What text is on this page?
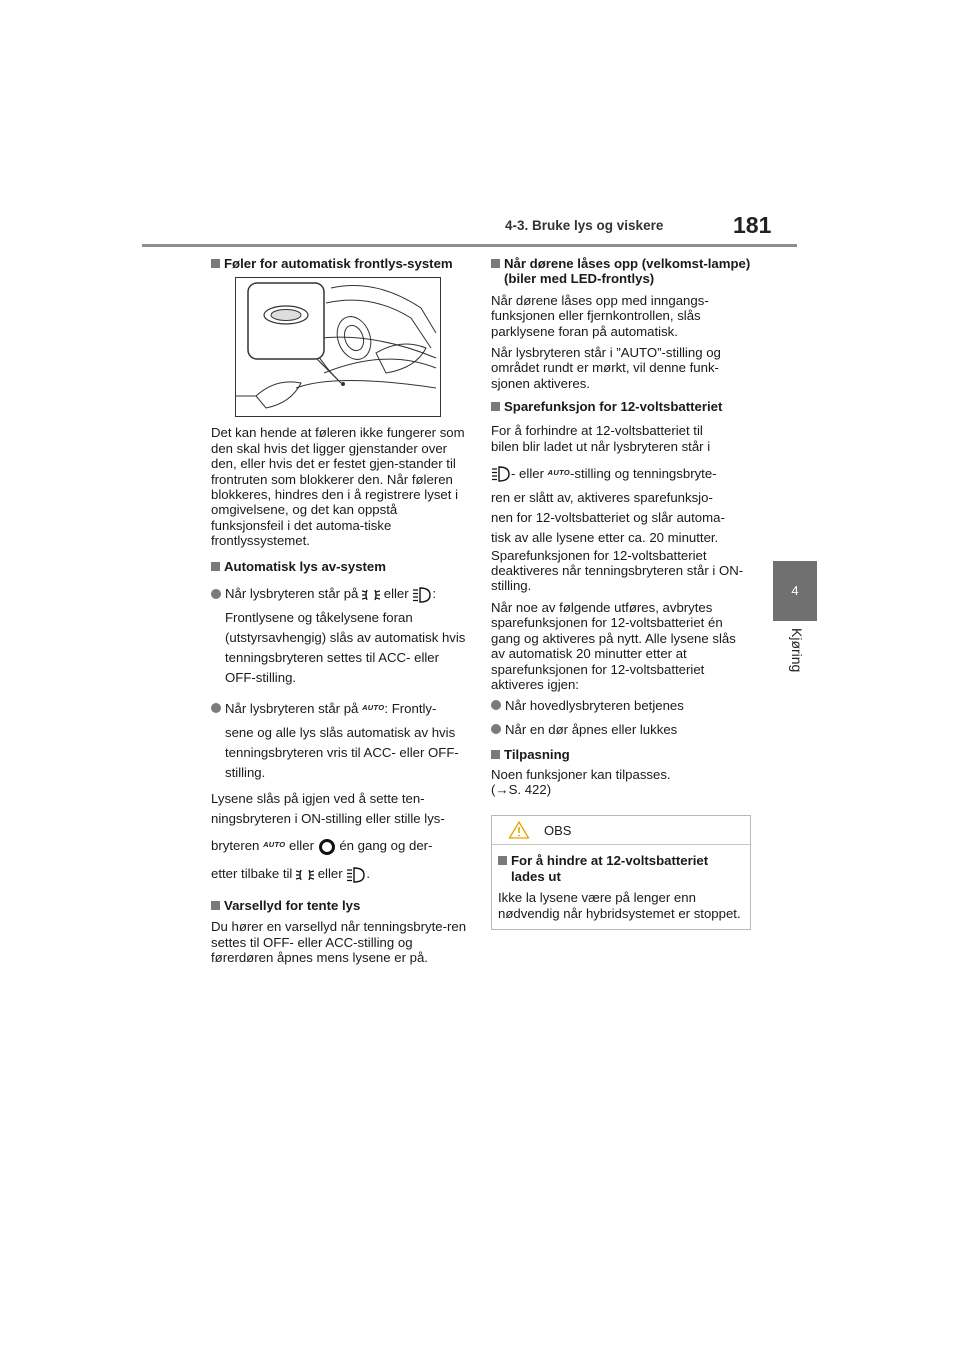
4-3. Bruke lys og viskere	181
4
Kjøring
Føler for automatisk frontlys-system

Det kan hende at føleren ikke fungerer som den skal hvis det ligger gjenstander over den, eller hvis det er festet gjen-stander til frontruten som blokkerer den. Når føleren blokkeres, hindres den i å registrere lyset i omgivelsene, og det kan oppstå funksjonsfeil i det automa-tiske frontlyssystemet.

Automatisk lys av-system
Når lysbryteren står på eller :

Frontlysene og tåkelysene foran (utstyrsavhengig) slås av automatisk hvis tenningsbryteren settes til ACC- eller OFF-stilling.

Når lysbryteren står på $^{AUTO}$: Frontly-

sene og alle lys slås automatisk av hvis tenningsbryteren vris til ACC- eller OFF-stilling.

Lysene slås på igjen ved å sette ten-
ningsbryteren i ON-stilling eller stille lys-
bryteren $^{AUTO}$ eller én gang og der-
etter tilbake til eller .
Varsellyd for tente lys

Du hører en varsellyd når tenningsbryte-ren settes til OFF- eller ACC-stilling og førerdøren åpnes mens lysene er på.

Når dørene låses opp (velkomst-lampe) (biler med LED-frontlys)

Når dørene låses opp med inngangs-funksjonen eller fjernkontrollen, slås parklysene foran på automatisk.

Når lysbryteren står i ”AUTO”-stilling og området rundt er mørkt, vil denne funk-sjonen aktiveres.

Sparefunksjon for 12-voltsbatteriet
For å forhindre at 12-voltsbatteriet til
bilen blir ladet ut når lysbryteren står i
- eller $^{AUTO}$-stilling og tenningsbryte-
ren er slått av, aktiveres sparefunksjo-
nen for 12-voltsbatteriet og slår automa-
tisk av alle lysene etter ca. 20 minutter.

Sparefunksjonen for 12-voltsbatteriet deaktiveres når tenningsbryteren står i ON-stilling.

Når noe av følgende utføres, avbrytes sparefunksjonen for 12-voltsbatteriet én gang og aktiveres på nytt. Alle lysene slås av automatisk 20 minutter etter at sparefunksjonen for 12-voltsbatteriet aktiveres igjen:

Når hovedlysbryteren betjenes
Når en dør åpnes eller lukkes
Tilpasning
Noen funksjoner kan tilpasses.
(→S. 422)
OBS
For å hindre at 12-voltsbatteriet lades ut

Ikke la lysene være på lenger enn nødvendig når hybridsystemet er stoppet.
